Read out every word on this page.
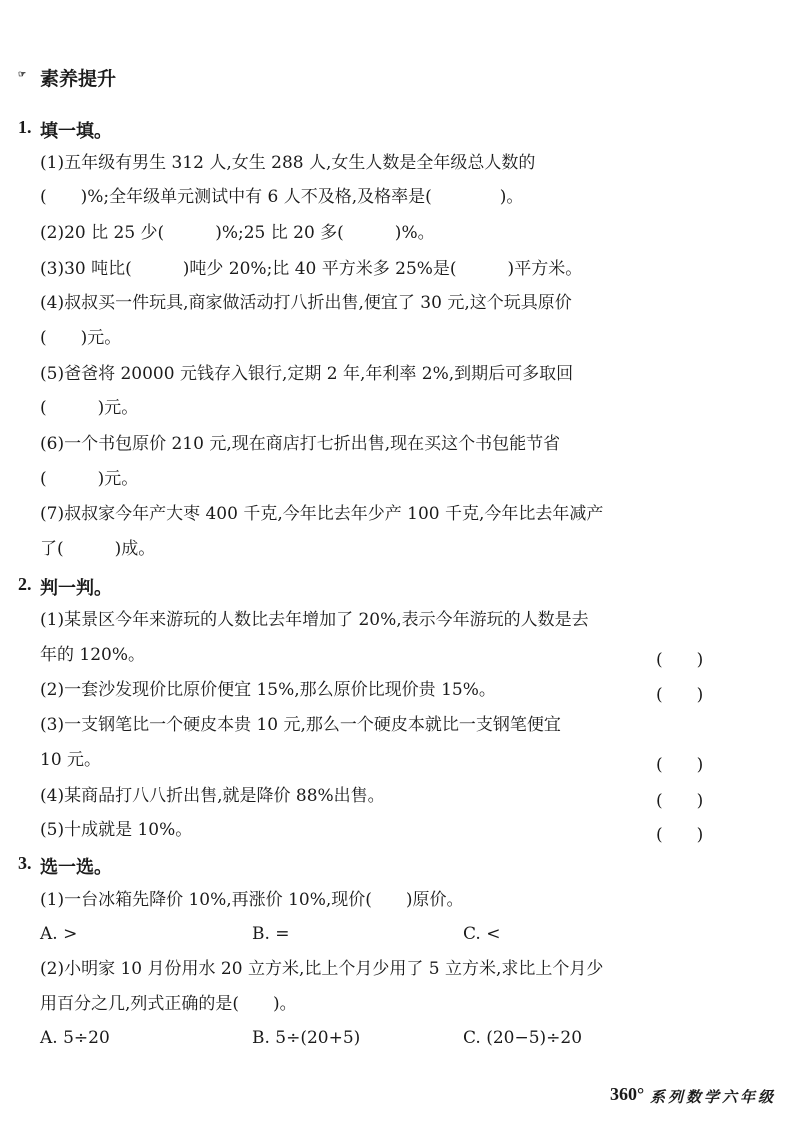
☞ 素养提升
1. 填一填。
(1)五年级有男生 312 人,女生 288 人,女生人数是全年级总人数的
(　　)%;全年级单元测试中有 6 人不及格,及格率是(　　　　)。
(2)20 比 25 少(　　　)%;25 比 20 多(　　　)%。
(3)30 吨比(　　　)吨少 20%;比 40 平方米多 25%是(　　　)平方米。
(4)叔叔买一件玩具,商家做活动打八折出售,便宜了 30 元,这个玩具原价
(　　)元。
(5)爸爸将 20000 元钱存入银行,定期 2 年,年利率 2%,到期后可多取回
(　　　)元。
(6)一个书包原价 210 元,现在商店打七折出售,现在买这个书包能节省
(　　　)元。
(7)叔叔家今年产大枣 400 千克,今年比去年少产 100 千克,今年比去年减产
了(　　　)成。
2. 判一判。
(1)某景区今年来游玩的人数比去年增加了 20%,表示今年游玩的人数是去
年的 120%。	(　　)
(2)一套沙发现价比原价便宜 15%,那么原价比现价贵 15%。	(　　)
(3)一支钢笔比一个硬皮本贵 10 元,那么一个硬皮本就比一支钢笔便宜
10 元。	(　　)
(4)某商品打八八折出售,就是降价 88%出售。	(　　)
(5)十成就是 10%。	(　　)
3. 选一选。
(1)一台冰箱先降价 10%,再涨价 10%,现价(　　)原价。
A. >	B. =	C. <
(2)小明家 10 月份用水 20 立方米,比上个月少用了 5 立方米,求比上个月少
用百分之几,列式正确的是(　　)。
A. 5÷20	B. 5÷(20+5)	C. (20−5)÷20
360° 系列数学六年级
